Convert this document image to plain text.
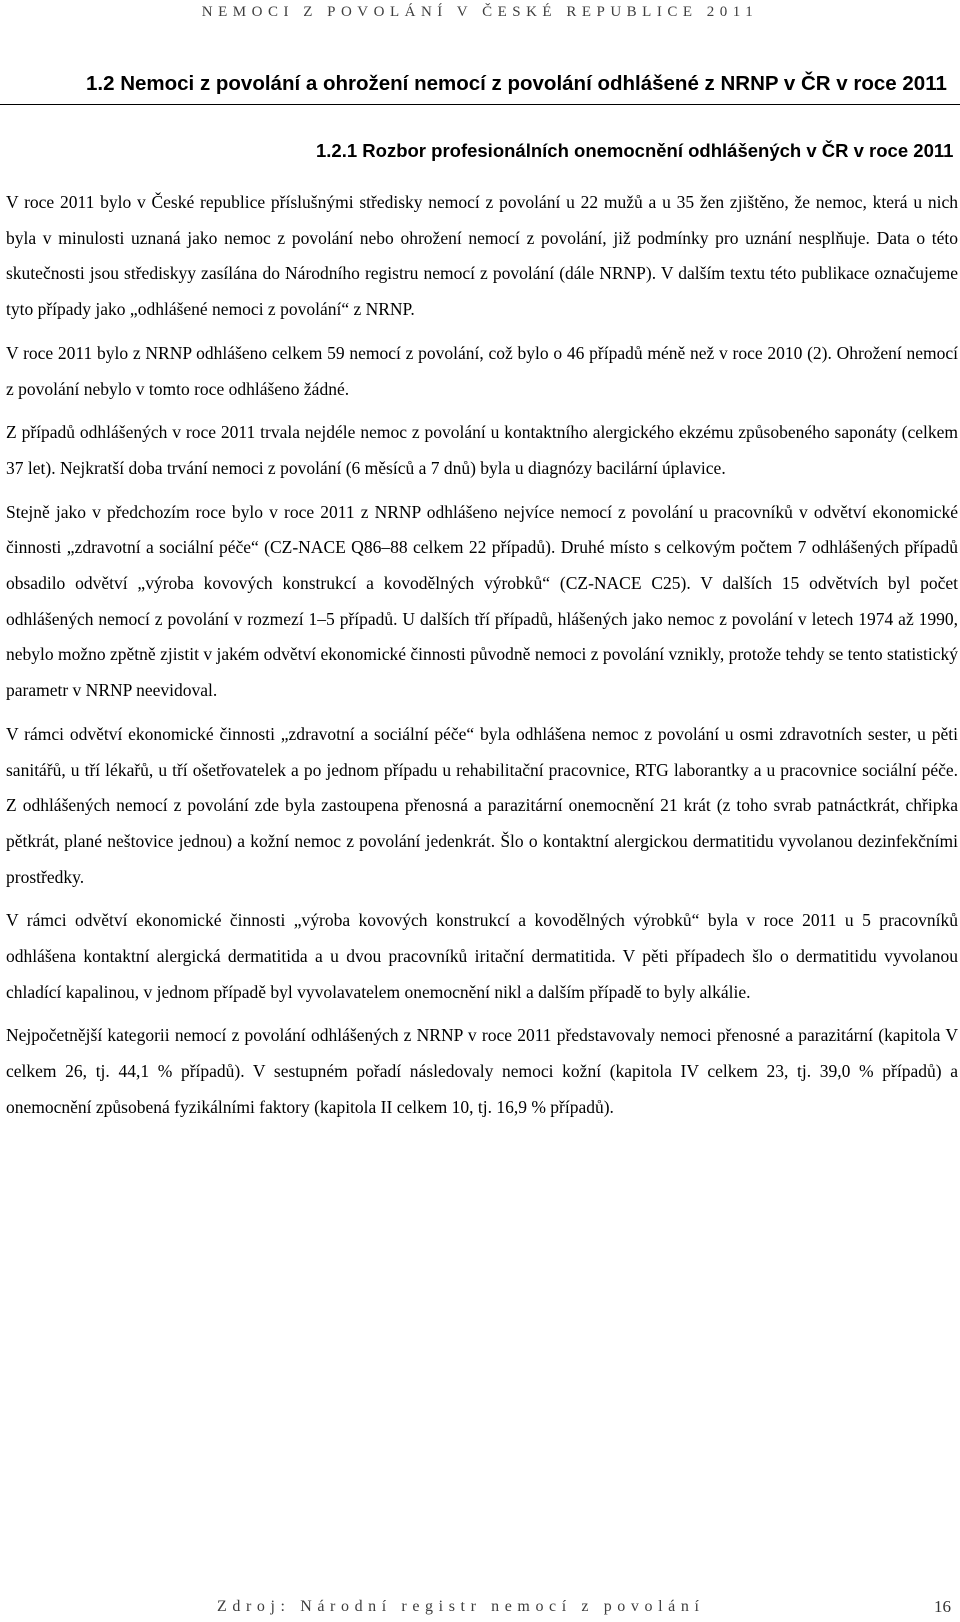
NEMOCI Z POVOLÁNÍ V ČESKÉ REPUBLICE 2011
1.2 Nemoci z povolání a ohrožení nemocí z povolání odhlášené z NRNP v ČR v roce 2011
1.2.1 Rozbor profesionálních onemocnění odhlášených v ČR v roce 2011

V roce 2011 bylo v České republice příslušnými středisky nemocí z povolání u 22 mužů a u 35 žen zjištěno, že nemoc, která u nich byla v minulosti uznaná jako nemoc z povolání nebo ohrožení nemocí z povolání, již podmínky pro uznání nesplňuje. Data o této skutečnosti jsou střediskyy zasílána do Národního registru nemocí z povolání (dále NRNP). V dalším textu této publikace označujeme tyto případy jako „odhlášené nemoci z povolání“ z NRNP.

V roce 2011 bylo z NRNP odhlášeno celkem 59 nemocí z povolání, což bylo o 46 případů méně než v roce 2010 (2). Ohrožení nemocí z povolání nebylo v tomto roce odhlášeno žádné.

Z případů odhlášených v roce 2011 trvala nejdéle nemoc z povolání u kontaktního alergického ekzému způsobeného saponáty (celkem 37 let). Nejkratší doba trvání nemoci z povolání (6 měsíců a 7 dnů) byla u diagnózy bacilární úplavice.

Stejně jako v předchozím roce bylo v roce 2011 z NRNP odhlášeno nejvíce nemocí z povolání u pracovníků v odvětví ekonomické činnosti „zdravotní a sociální péče“ (CZ-NACE Q86–88 celkem 22 případů). Druhé místo s celkovým počtem 7 odhlášených případů obsadilo odvětví „výroba kovových konstrukcí a kovodělných výrobků“ (CZ-NACE C25). V dalších 15 odvětvích byl počet odhlášených nemocí z povolání v rozmezí 1–5 případů. U dalších tří případů, hlášených jako nemoc z povolání v letech 1974 až 1990, nebylo možno zpětně zjistit v jakém odvětví ekonomické činnosti původně nemoci z povolání vznikly, protože tehdy se tento statistický parametr v NRNP neevidoval.

V rámci odvětví ekonomické činnosti „zdravotní a sociální péče“ byla odhlášena nemoc z povolání u osmi zdravotních sester, u pěti sanitářů, u tří lékařů, u tří ošetřovatelek a po jednom případu u rehabilitační pracovnice, RTG laborantky a u pracovnice sociální péče. Z odhlášených nemocí z povolání zde byla zastoupena přenosná a parazitární onemocnění 21 krát (z toho svrab patnáctkrát, chřipka pětkrát, plané neštovice jednou) a kožní nemoc z povolání jedenkrát. Šlo o kontaktní alergickou dermatitidu vyvolanou dezinfekčními prostředky.

V rámci odvětví ekonomické činnosti „výroba kovových konstrukcí a kovodělných výrobků“ byla v roce 2011 u 5 pracovníků odhlášena kontaktní alergická dermatitida a u dvou pracovníků iritační dermatitida. V pěti případech šlo o dermatitidu vyvolanou chladící kapalinou, v jednom případě byl vyvolavatelem onemocnění nikl a dalším případě to byly alkálie.

Nejpočetnější kategorii nemocí z povolání odhlášených z NRNP v roce 2011 představovaly nemoci přenosné a parazitární (kapitola V celkem 26, tj. 44,1 % případů). V sestupném pořadí následovaly nemoci kožní (kapitola IV celkem 23, tj. 39,0 % případů) a onemocnění způsobená fyzikálními faktory (kapitola II celkem 10, tj. 16,9 % případů).

Zdroj: Národní registr nemocí z povolání	16
